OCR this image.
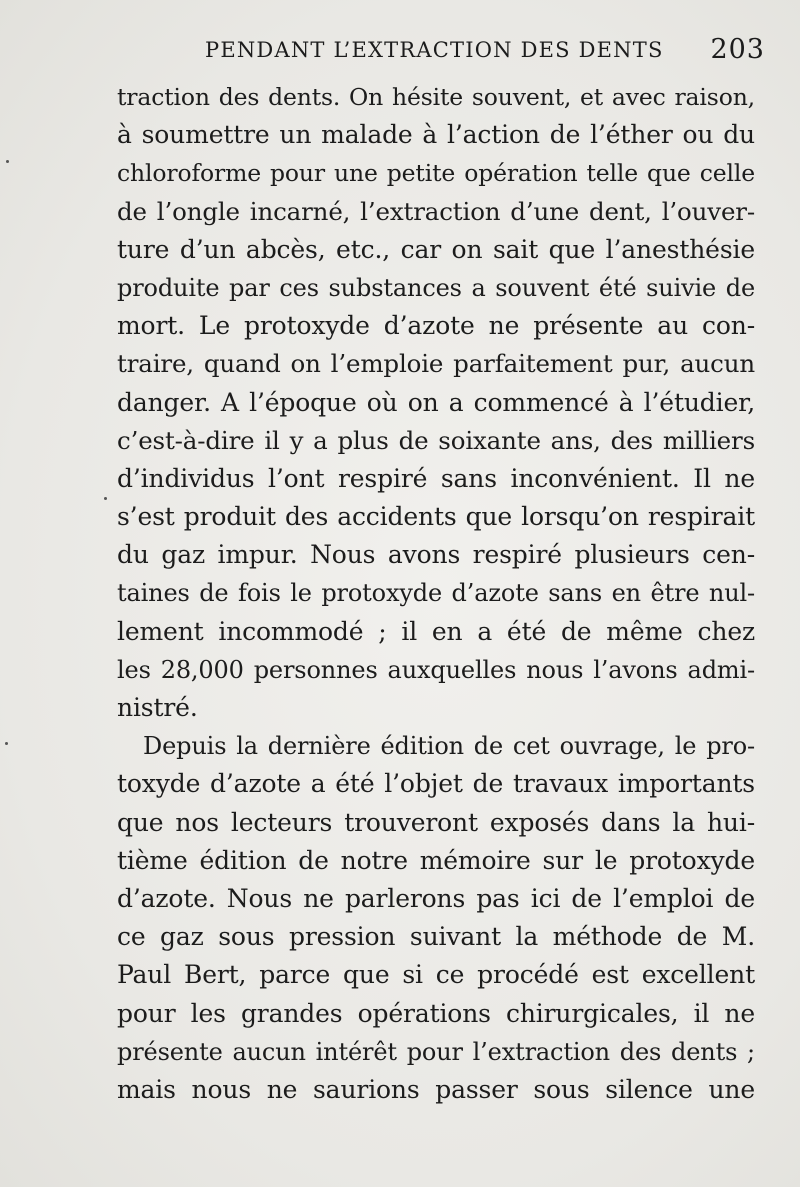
PENDANT L’EXTRACTION DES DENTS 203
traction des dents. On hésite souvent, et avec raison,
à soumettre un malade à l’action de l’éther ou du
chloroforme pour une petite opération telle que celle
de l’ongle incarné, l’extraction d’une dent, l’ouver-
ture d’un abcès, etc., car on sait que l’anesthésie
produite par ces substances a souvent été suivie de
mort. Le protoxyde d’azote ne présente au con-
traire, quand on l’emploie parfaitement pur, aucun
danger. A l’époque où on a commencé à l’étudier,
c’est-à-dire il y a plus de soixante ans, des milliers
d’individus l’ont respiré sans inconvénient. Il ne
s’est produit des accidents que lorsqu’on respirait
du gaz impur. Nous avons respiré plusieurs cen-
taines de fois le protoxyde d’azote sans en être nul-
lement incommodé ; il en a été de même chez
les 28,000 personnes auxquelles nous l’avons admi-
nistré.
Depuis la dernière édition de cet ouvrage, le pro-
toxyde d’azote a été l’objet de travaux importants
que nos lecteurs trouveront exposés dans la hui-
tième édition de notre mémoire sur le protoxyde
d’azote. Nous ne parlerons pas ici de l’emploi de
ce gaz sous pression suivant la méthode de M.
Paul Bert, parce que si ce procédé est excellent
pour les grandes opérations chirurgicales, il ne
présente aucun intérêt pour l’extraction des dents ;
mais nous ne saurions passer sous silence une
